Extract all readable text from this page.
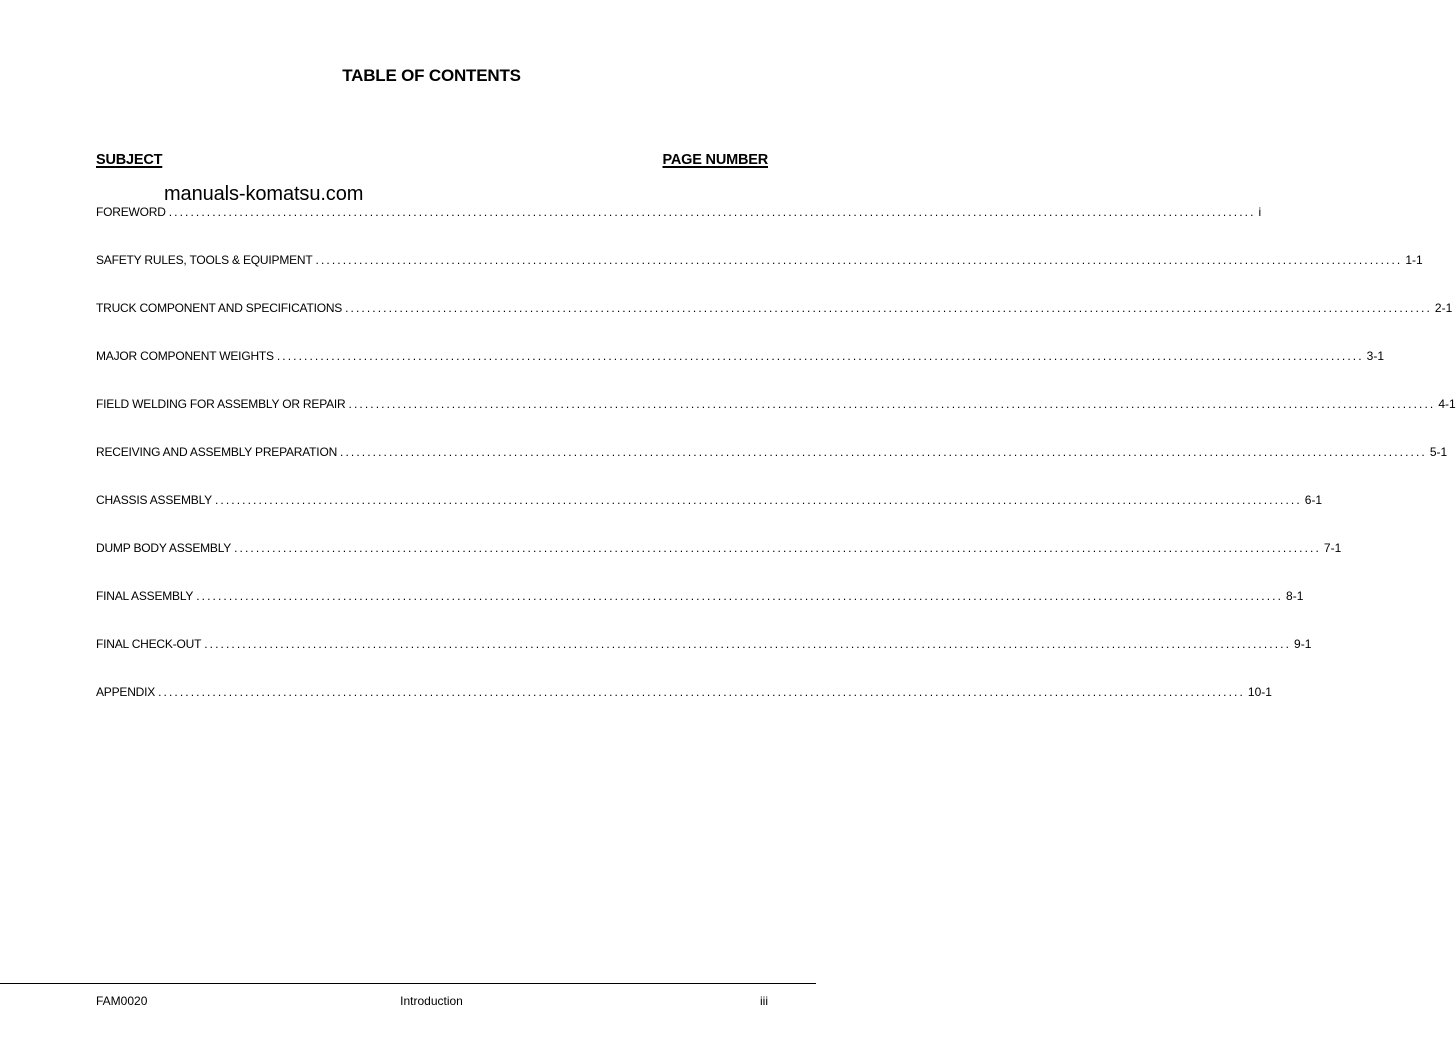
TABLE OF CONTENTS
SUBJECT	PAGE NUMBER
manuals-komatsu.com
FOREWORD ........................................................................................................................................................................................................ i
SAFETY RULES, TOOLS & EQUIPMENT ........................................................................................................................................................................................................ 1-1
TRUCK COMPONENT AND SPECIFICATIONS ........................................................................................................................................................................................................ 2-1
MAJOR COMPONENT WEIGHTS ........................................................................................................................................................................................................ 3-1
FIELD WELDING FOR ASSEMBLY OR REPAIR ........................................................................................................................................................................................................ 4-1
RECEIVING AND ASSEMBLY PREPARATION ........................................................................................................................................................................................................ 5-1
CHASSIS ASSEMBLY ........................................................................................................................................................................................................ 6-1
DUMP BODY ASSEMBLY ........................................................................................................................................................................................................ 7-1
FINAL ASSEMBLY ........................................................................................................................................................................................................ 8-1
FINAL CHECK-OUT ........................................................................................................................................................................................................ 9-1
APPENDIX ........................................................................................................................................................................................................ 10-1
FAM0020	Introduction	iii
